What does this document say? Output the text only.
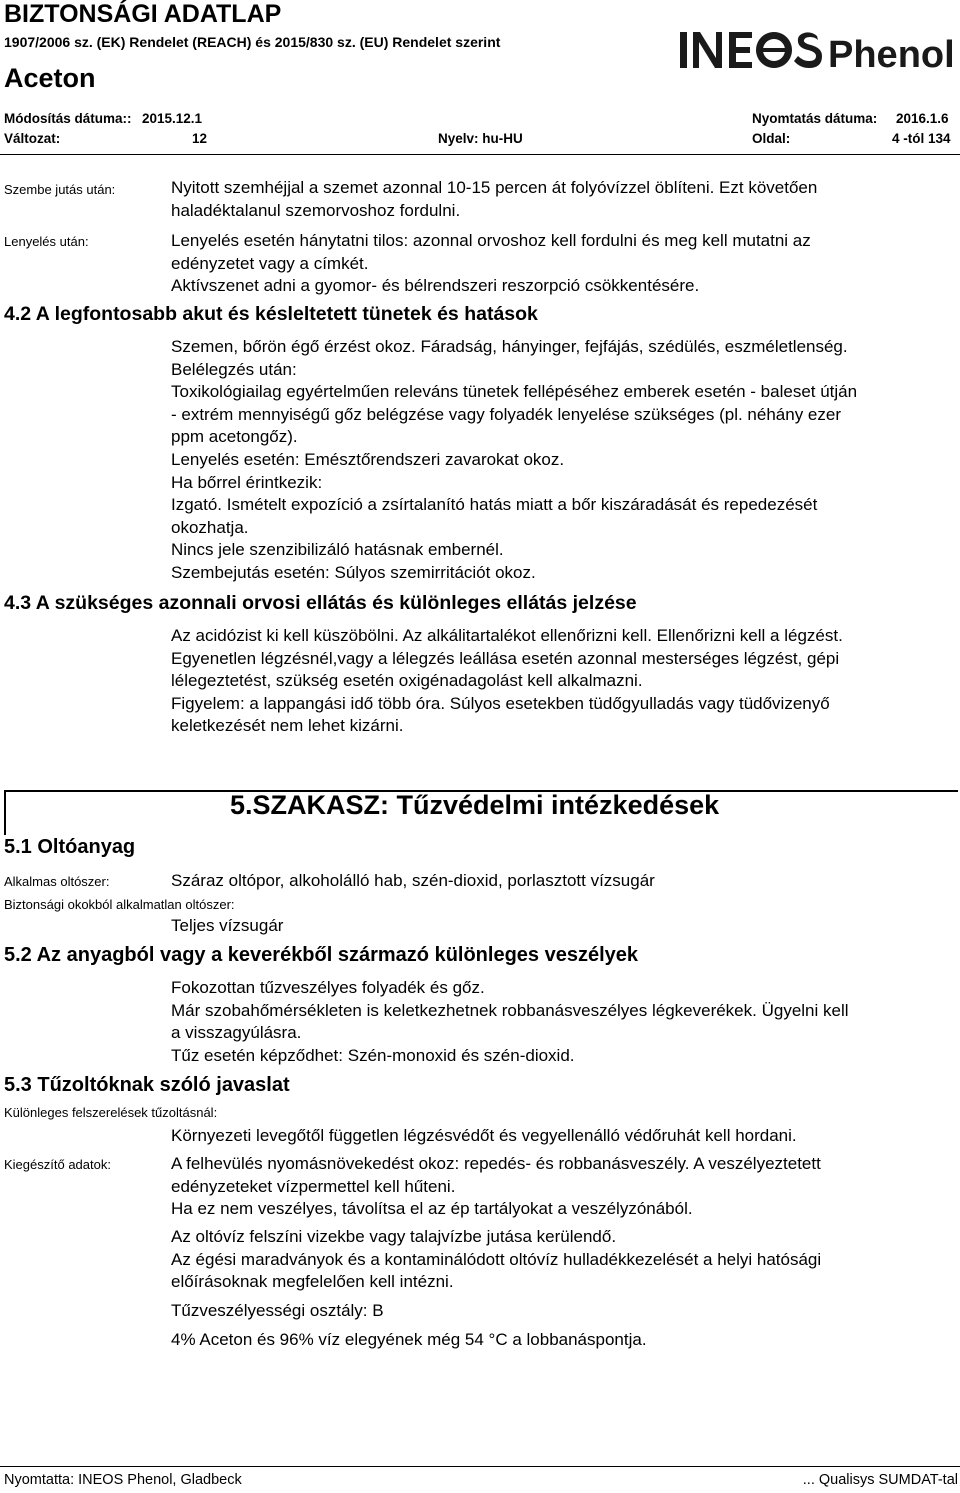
BIZTONSÁGI ADATLAP
1907/2006 sz. (EK) Rendelet (REACH) és 2015/830 sz. (EU) Rendelet szerint
Aceton
Phenol
Módosítás dátuma:: 2015.12.1	Nyomtatás dátuma: 2016.1.6
Változat:	12	Nyelv: hu-HU	Oldal:	4 -tól 134
Szembe jutás után:	Nyitott szemhéjjal a szemet azonnal 10-15 percen át folyóvízzel öblíteni. Ezt követően
haladéktalanul szemorvoshoz fordulni.
Lenyelés után:	Lenyelés esetén hánytatni tilos: azonnal orvoshoz kell fordulni és meg kell mutatni az
edényzetet vagy a címkét.
Aktívszenet adni a gyomor- és bélrendszeri reszorpció csökkentésére.
4.2 A legfontosabb akut és késleltetett tünetek és hatások
Szemen, bőrön égő érzést okoz. Fáradság, hányinger, fejfájás, szédülés, eszméletlenség.
Belélegzés után:
Toxikológiailag egyértelműen releváns tünetek fellépéséhez emberek esetén - baleset útján
- extrém mennyiségű gőz belégzése vagy folyadék lenyelése szükséges (pl. néhány ezer
ppm acetongőz).
Lenyelés esetén: Emésztőrendszeri zavarokat okoz.
Ha bőrrel érintkezik:
Izgató. Ismételt expozíció a zsírtalanító hatás miatt a bőr kiszáradását és repedezését
okozhatja.
Nincs jele szenzibilizáló hatásnak embernél.
Szembejutás esetén: Súlyos szemirritációt okoz.
4.3 A szükséges azonnali orvosi ellátás és különleges ellátás jelzése
Az acidózist ki kell küszöbölni. Az alkálitartalékot ellenőrizni kell. Ellenőrizni kell a légzést.
Egyenetlen légzésnél,vagy a lélegzés leállása esetén azonnal mesterséges légzést, gépi
lélegeztetést, szükség esetén oxigénadagolást kell alkalmazni.
Figyelem: a lappangási idő több óra. Súlyos esetekben tüdőgyulladás vagy tüdővizenyő
keletkezését nem lehet kizárni.
5.SZAKASZ: Tűzvédelmi intézkedések
5.1 Oltóanyag
Alkalmas oltószer:	Száraz oltópor, alkoholálló hab, szén-dioxid, porlasztott vízsugár
Biztonsági okokból alkalmatlan oltószer:
Teljes vízsugár
5.2 Az anyagból vagy a keverékből származó különleges veszélyek
Fokozottan tűzveszélyes folyadék és gőz.
Már szobahőmérsékleten is keletkezhetnek robbanásveszélyes légkeverékek. Ügyelni kell
a visszagyúlásra.
Tűz esetén képződhet: Szén-monoxid és szén-dioxid.
5.3 Tűzoltóknak szóló javaslat
Különleges felszerelések tűzoltásnál:
Környezeti levegőtől független légzésvédőt és vegyellenálló védőruhát kell hordani.
Kiegészítő adatok:	A felhevülés nyomásnövekedést okoz: repedés- és robbanásveszély. A veszélyeztetett
edényzeteket vízpermettel kell hűteni.
Ha ez nem veszélyes, távolítsa el az ép tartályokat a veszélyzónából.
Az oltóvíz felszíni vizekbe vagy talajvízbe jutása kerülendő.
Az égési maradványok és a kontaminálódott oltóvíz hulladékkezelését a helyi hatósági
előírásoknak megfelelően kell intézni.
Tűzveszélyességi osztály: B
4% Aceton és 96% víz elegyének még 54 °C a lobbanáspontja.
Nyomtatta: INEOS Phenol, Gladbeck	... Qualisys SUMDAT-tal
